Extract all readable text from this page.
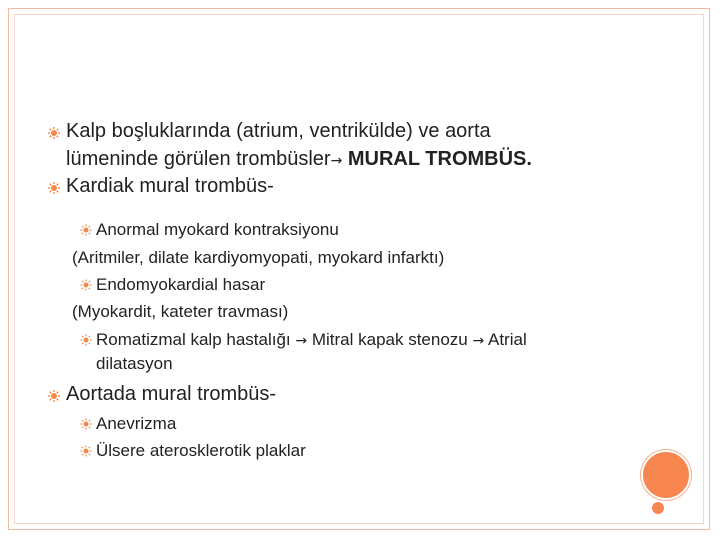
Kalp boşluklarında (atrium, ventrikülde) ve aorta
lümeninde görülen trombüsler→ MURAL TROMBÜS.
Kardiak mural trombüs-
Anormal myokard kontraksiyonu
(Aritmiler, dilate kardiyomyopati, myokard infarktı)
Endomyokardial hasar
(Myokardit, kateter travması)
Romatizmal kalp hastalığı → Mitral kapak stenozu → Atrial
dilatasyon
Aortada mural trombüs-
Anevrizma
Ülsere aterosklerotik plaklar
